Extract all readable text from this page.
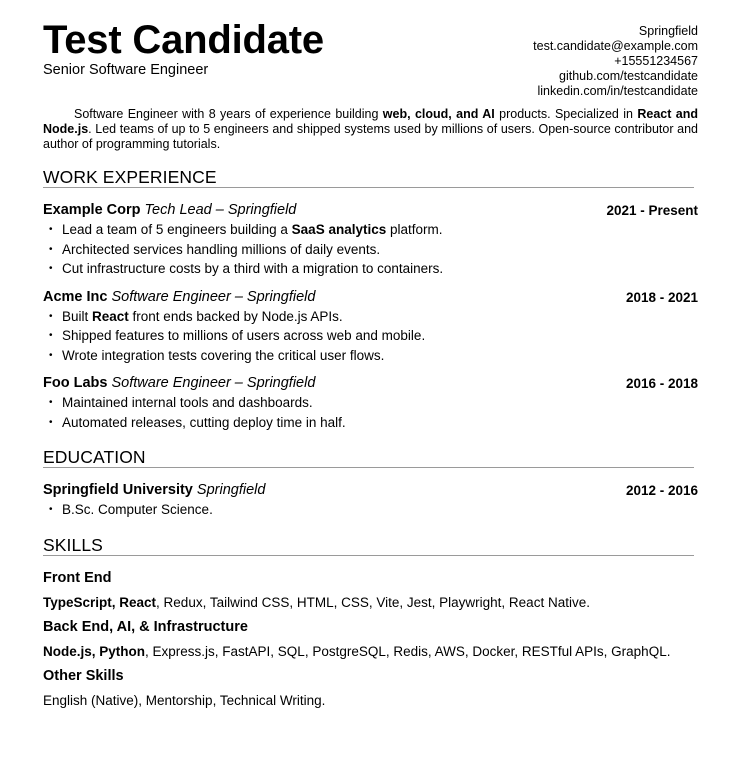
Test Candidate
Senior Software Engineer
Springfield
test.candidate@example.com
+15551234567
github.com/testcandidate
linkedin.com/in/testcandidate
Software Engineer with 8 years of experience building web, cloud, and AI products. Specialized in React and Node.js. Led teams of up to 5 engineers and shipped systems used by millions of users. Open-source contributor and author of programming tutorials.
WORK EXPERIENCE
Example Corp Tech Lead – Springfield	2021 - Present
• Lead a team of 5 engineers building a SaaS analytics platform.
• Architected services handling millions of daily events.
• Cut infrastructure costs by a third with a migration to containers.
Acme Inc Software Engineer – Springfield	2018 - 2021
• Built React front ends backed by Node.js APIs.
• Shipped features to millions of users across web and mobile.
• Wrote integration tests covering the critical user flows.
Foo Labs Software Engineer – Springfield	2016 - 2018
• Maintained internal tools and dashboards.
• Automated releases, cutting deploy time in half.
EDUCATION
Springfield University Springfield	2012 - 2016
• B.Sc. Computer Science.
SKILLS
Front End
TypeScript, React, Redux, Tailwind CSS, HTML, CSS, Vite, Jest, Playwright, React Native.
Back End, AI, & Infrastructure
Node.js, Python, Express.js, FastAPI, SQL, PostgreSQL, Redis, AWS, Docker, RESTful APIs, GraphQL.
Other Skills
English (Native), Mentorship, Technical Writing.
